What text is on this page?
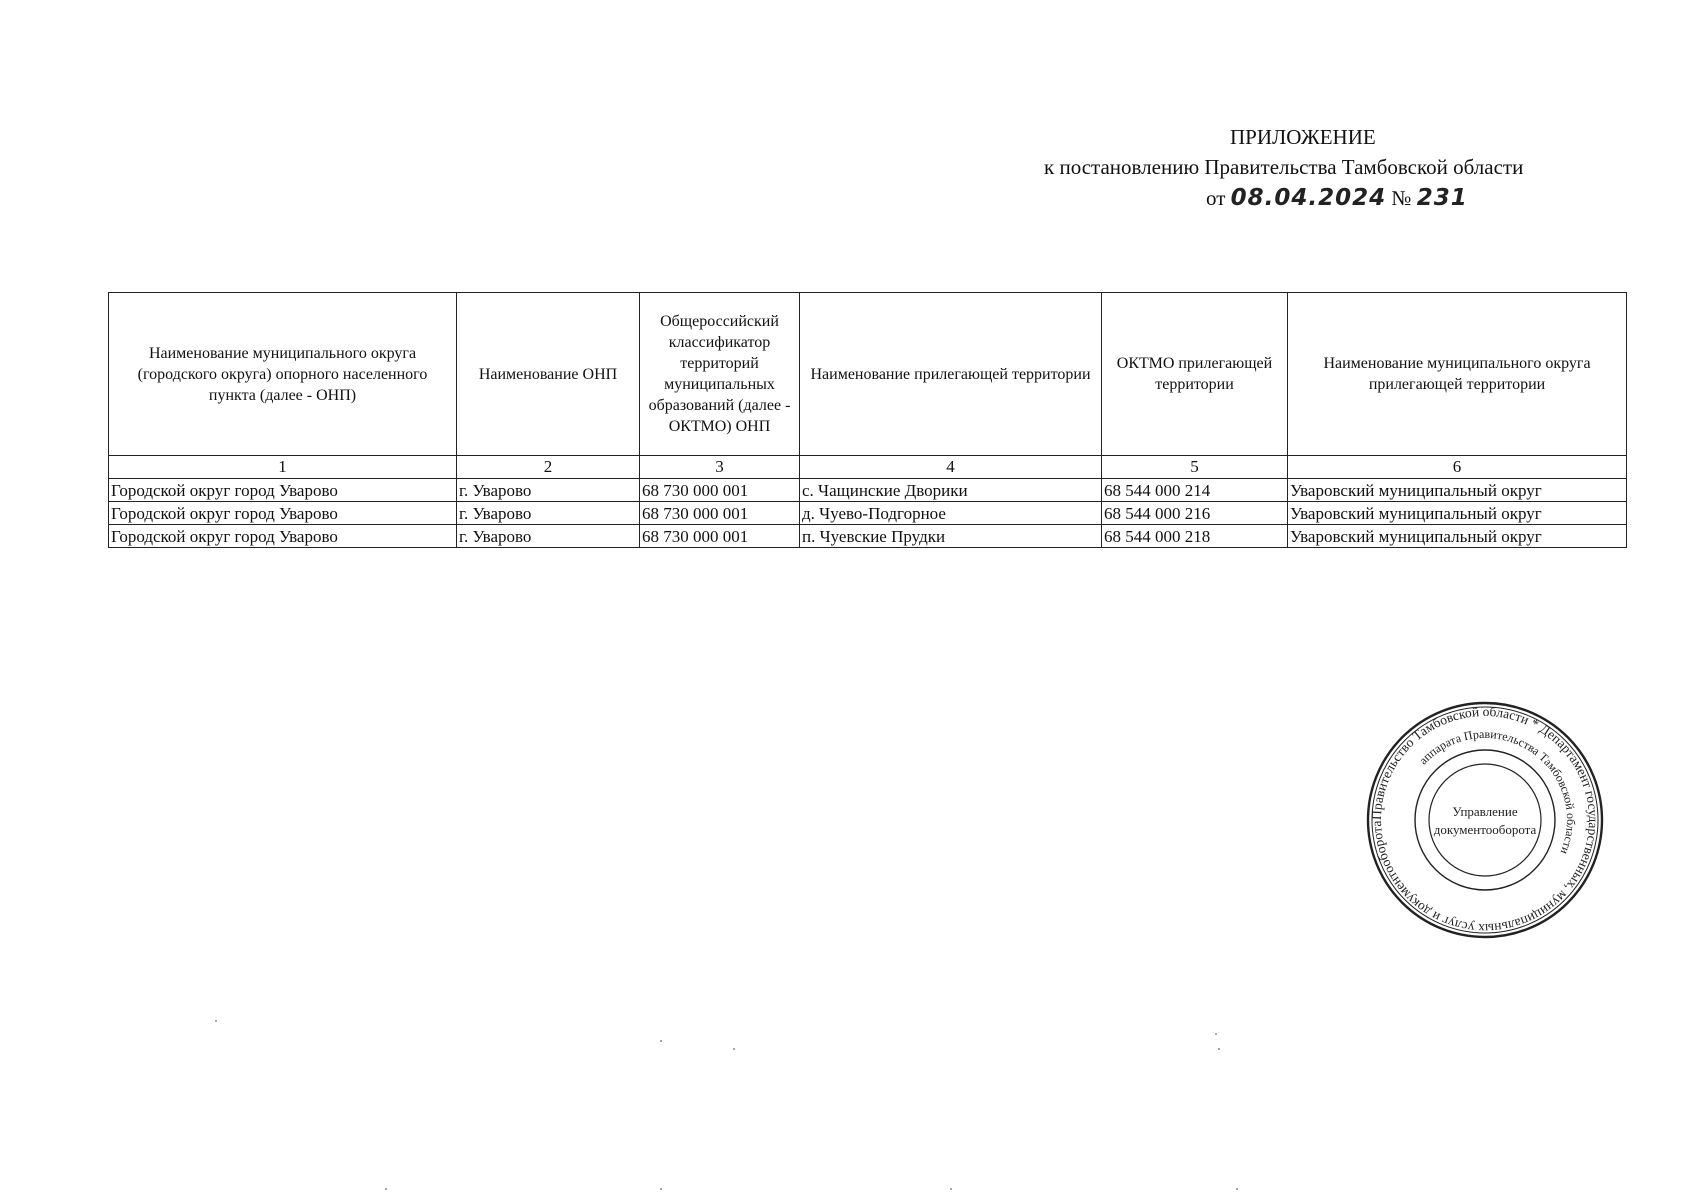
ПРИЛОЖЕНИЕ
к постановлению Правительства Тамбовской области
от 08.04.2024 № 231
Наименование муниципального округа (городского округа) опорного населенного пункта (далее - ОНП)	Наименование ОНП	Общероссийский классификатор территорий муниципальных образований (далее - ОКТМО) ОНП	Наименование прилегающей территории	ОКТМО прилегающей территории	Наименование муниципального округа прилегающей территории
1	2	3	4	5	6
Городской округ город Уварово	г. Уварово	68 730 000 001	с. Чащинские Дворики	68 544 000 214	Уваровский муниципальный округ
Городской округ город Уварово	г. Уварово	68 730 000 001	д. Чуево-Подгорное	68 544 000 216	Уваровский муниципальный округ
Городской округ город Уварово	г. Уварово	68 730 000 001	п. Чуевские Прудки	68 544 000 218	Уваровский муниципальный округ
Правительство Тамбовской области * Департамент государственных, муниципальных услуг и документооборота
аппарата Правительства Тамбовской области
Управление
документооборота
